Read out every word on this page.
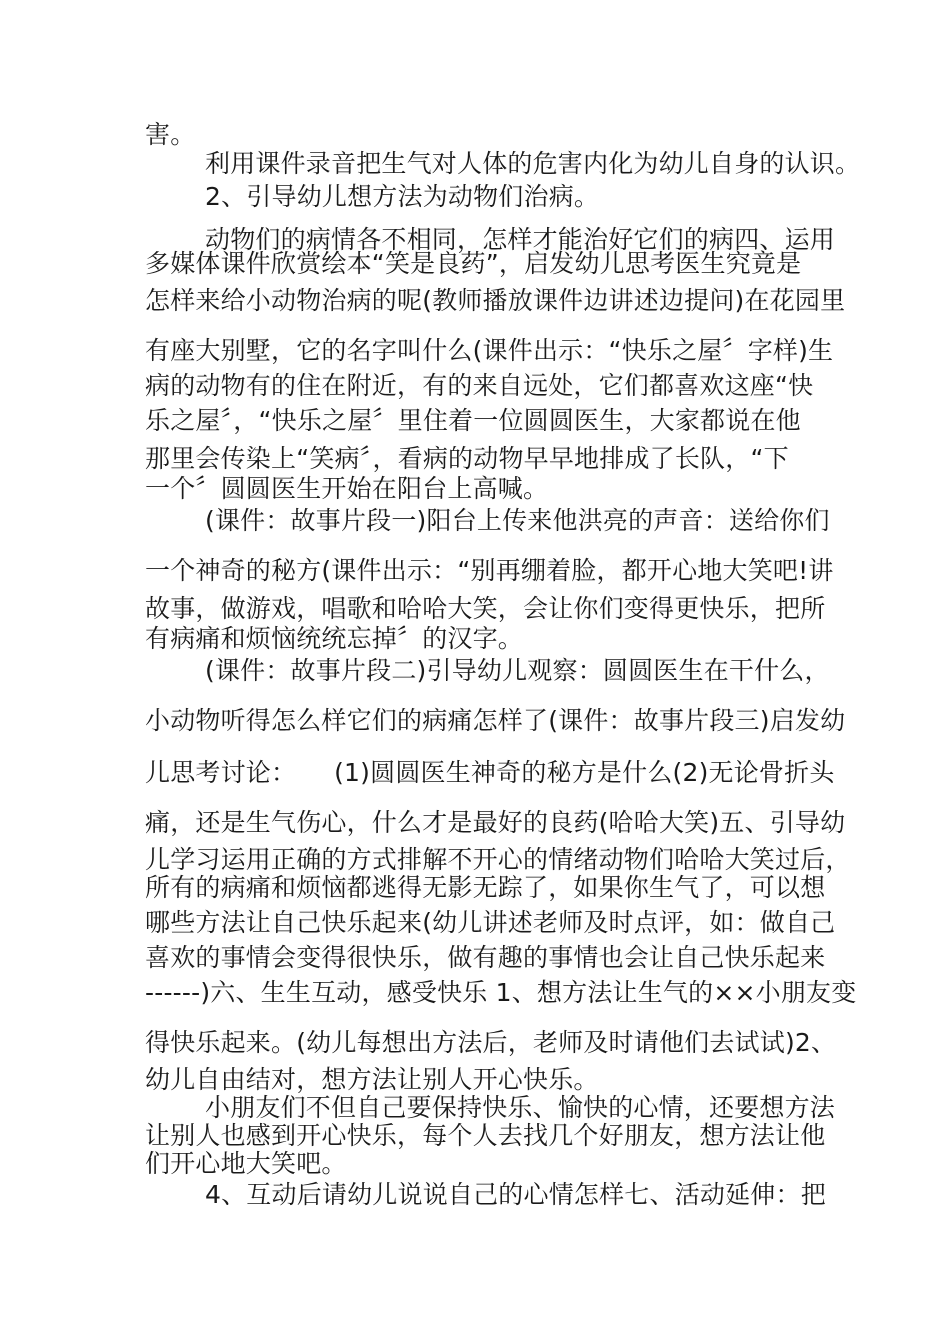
害。
利用课件录音把生气对人体的危害内化为幼儿自身的认识。
2、引导幼儿想方法为动物们治病。
动物们的病情各不相同，怎样才能治好它们的病四、运用
多媒体课件欣赏绘本“笑是良药”，启发幼儿思考医生究竟是
怎样来给小动物治病的呢(教师播放课件边讲述边提问)在花园里
有座大别墅，它的名字叫什么(课件出示：“快乐之屋〞字样)生
病的动物有的住在附近，有的来自远处，它们都喜欢这座“快
乐之屋〞，“快乐之屋〞里住着一位圆圆医生，大家都说在他
那里会传染上“笑病〞，看病的动物早早地排成了长队，“下
一个〞圆圆医生开始在阳台上高喊。
(课件：故事片段一)阳台上传来他洪亮的声音：送给你们
一个神奇的秘方(课件出示：“别再绷着脸，都开心地大笑吧!讲
故事，做游戏，唱歌和哈哈大笑，会让你们变得更快乐，把所
有病痛和烦恼统统忘掉〞的汉字。
(课件：故事片段二)引导幼儿观察：圆圆医生在干什么，
小动物听得怎么样它们的病痛怎样了(课件：故事片段三)启发幼
儿思考讨论：　　(1)圆圆医生神奇的秘方是什么(2)无论骨折头
痛，还是生气伤心，什么才是最好的良药(哈哈大笑)五、引导幼
儿学习运用正确的方式排解不开心的情绪动物们哈哈大笑过后，
所有的病痛和烦恼都逃得无影无踪了，如果你生气了，可以想
哪些方法让自己快乐起来(幼儿讲述老师及时点评，如：做自己
喜欢的事情会变得很快乐，做有趣的事情也会让自己快乐起来
------)六、生生互动，感受快乐 1、想方法让生气的××小朋友变
得快乐起来。(幼儿每想出方法后，老师及时请他们去试试)2、
幼儿自由结对，想方法让别人开心快乐。
小朋友们不但自己要保持快乐、愉快的心情，还要想方法
让别人也感到开心快乐，每个人去找几个好朋友，想方法让他
们开心地大笑吧。
4、互动后请幼儿说说自己的心情怎样七、活动延伸：把
